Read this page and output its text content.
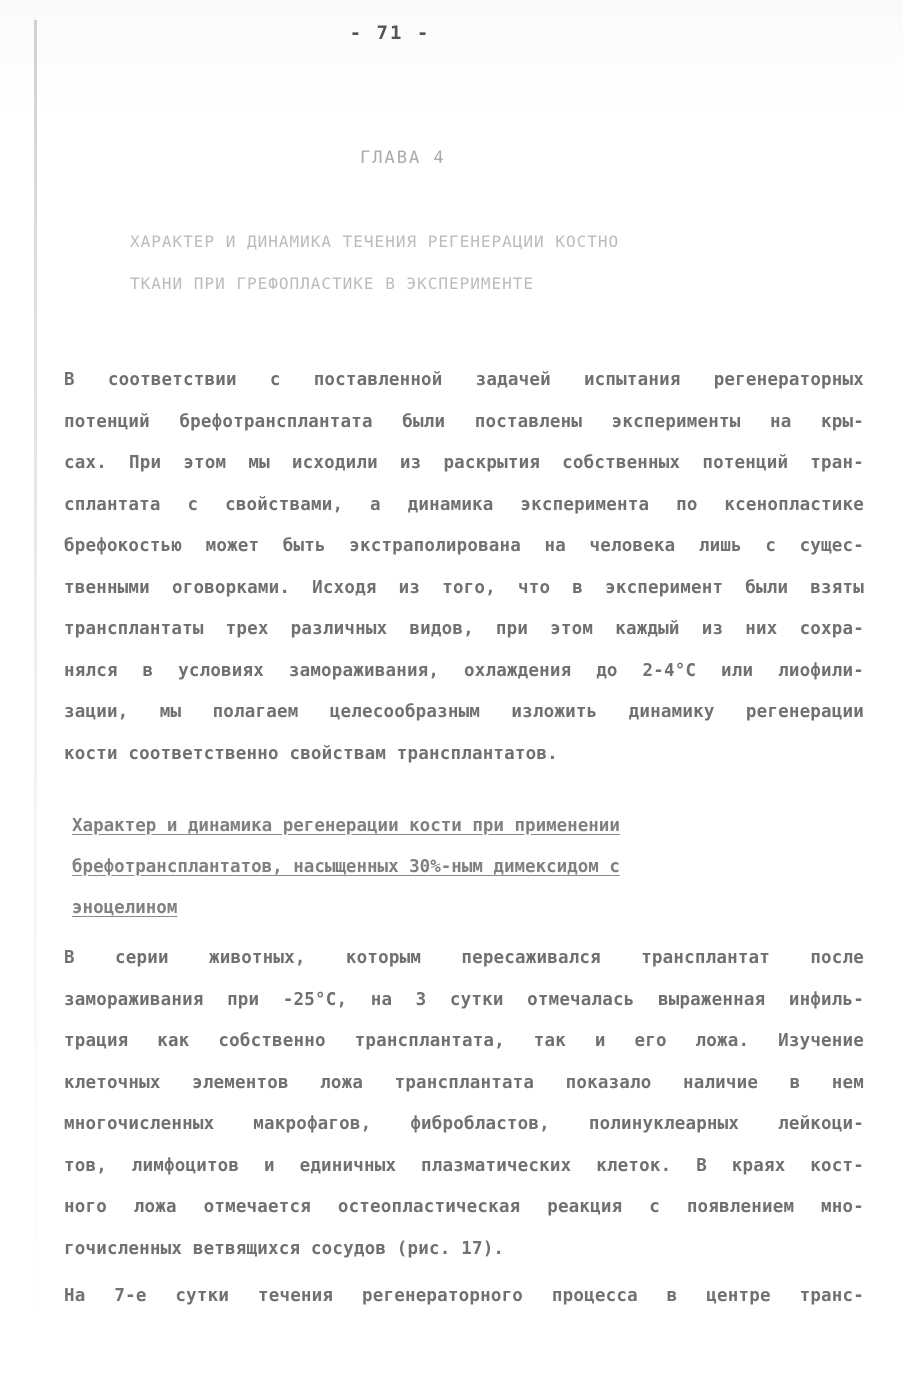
- 71 -
ГЛАВА 4
ХАРАКТЕР И ДИНАМИКА ТЕЧЕНИЯ РЕГЕНЕРАЦИИ КОСТНО
ТКАНИ ПРИ ГРЕФОПЛАСТИКЕ В ЭКСПЕРИМЕНТЕ
В соответствии с поставленной задачей испытания регенераторных
потенций брефотрансплантата были поставлены эксперименты на кры-
сах. При этом мы исходили из раскрытия собственных потенций тран-
сплантата с свойствами, а динамика эксперимента по ксенопластике
брефокостью может быть экстраполирована на человека лишь с сущес-
твенными оговорками. Исходя из того, что в эксперимент были взяты
трансплантаты трех различных видов, при этом каждый из них сохра-
нялся в условиях замораживания, охлаждения до 2-4°С или лиофили-
зации, мы полагаем целесообразным изложить динамику регенерации
кости соответственно свойствам трансплантатов.
Характер и динамика регенерации кости при применении
брефотрансплантатов, насыщенных 30%-ным димексидом с
эноцелином
В серии животных, которым пересаживался трансплантат после
замораживания при -25°С, на 3 сутки отмечалась выраженная инфиль-
трация как собственно трансплантата, так и его ложа. Изучение
клеточных элементов ложа трансплантата показало наличие в нем
многочисленных макрофагов, фибробластов, полинуклеарных лейкоци-
тов, лимфоцитов и единичных плазматических клеток. В краях кост-
ного ложа отмечается остеопластическая реакция с появлением мно-
гочисленных ветвящихся сосудов (рис. 17).
На 7-е сутки течения регенераторного процесса в центре транс-
